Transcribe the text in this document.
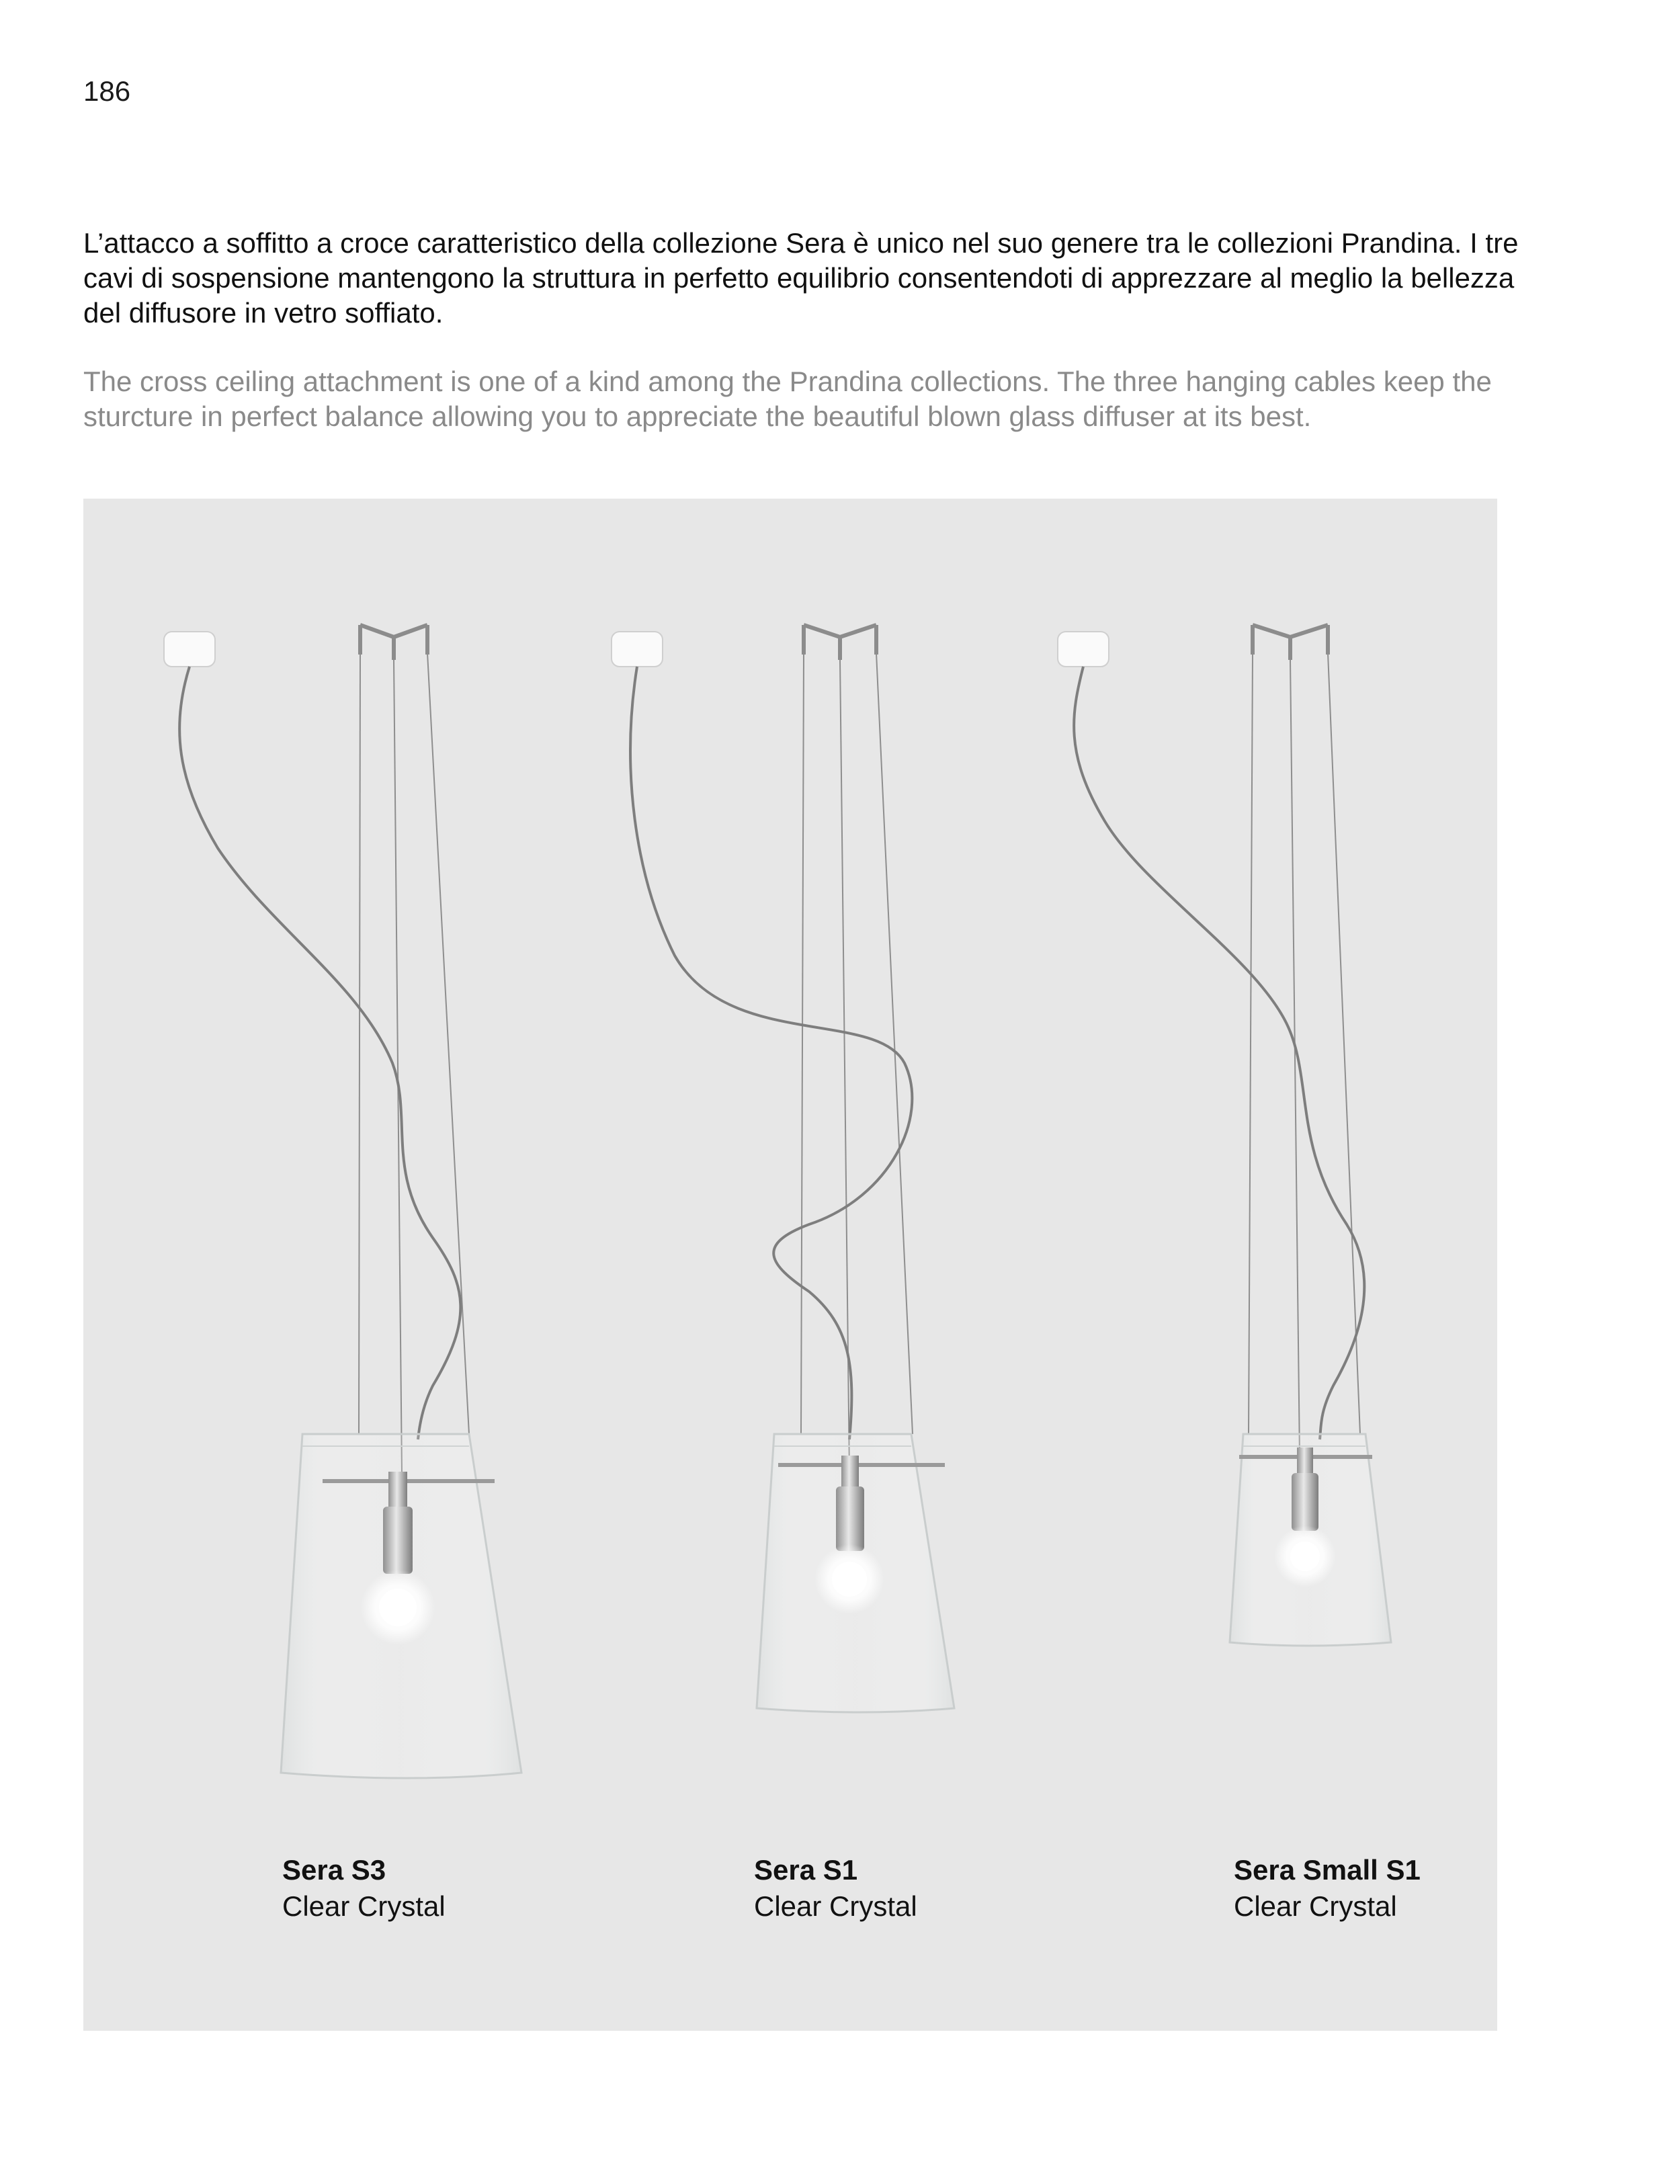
186

L’attacco a soffitto a croce caratteristico della collezione Sera è unico nel suo genere tra le collezioni Prandina. I tre cavi di sospensione mantengono la struttura in perfetto equilibrio consentendoti di apprezzare al meglio la bellezza del diffusore in vetro soffiato.

The cross ceiling attachment is one of a kind among the Prandina collections. The three hanging cables keep the sturcture in perfect balance allowing you to appreciate the beautiful blown glass diffuser at its best.

Sera S3
Clear Crystal
Sera S1
Clear Crystal
Sera Small S1
Clear Crystal
